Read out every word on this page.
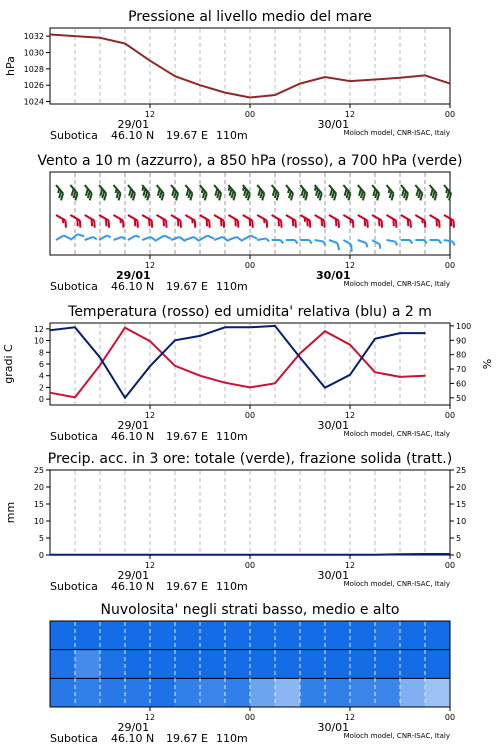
Pressione al livello medio del mare
1024
1026
1028
1030
1032
hPa
12	00	12	00
29/01	30/01
Subotica 46.10 N 19.67 E 110m	Moloch model, CNR-ISAC, Italy
Vento a 10 m (azzurro), a 850 hPa (rosso), a 700 hPa (verde)
12	00	12	00
29/01	30/01
Subotica 46.10 N 19.67 E 110m	Moloch model, CNR-ISAC, Italy
Temperatura (rosso) ed umidita' relativa (blu) a 2 m
0
2
4
6
8
10
12
50
60
70
80
90
100
gradi C	%
12	00	12	00
29/01	30/01
Subotica 46.10 N 19.67 E 110m	Moloch model, CNR-ISAC, Italy
Precip. acc. in 3 ore: totale (verde), frazione solida (tratt.)
0
5
10
15
20
25
0
5
10
15
20
25
mm
12	00	12	00
29/01	30/01
Subotica 46.10 N 19.67 E 110m	Moloch model, CNR-ISAC, Italy
Nuvolosita' negli strati basso, medio e alto
12	00	12	00
29/01	30/01
Subotica 46.10 N 19.67 E 110m	Moloch model, CNR-ISAC, Italy
